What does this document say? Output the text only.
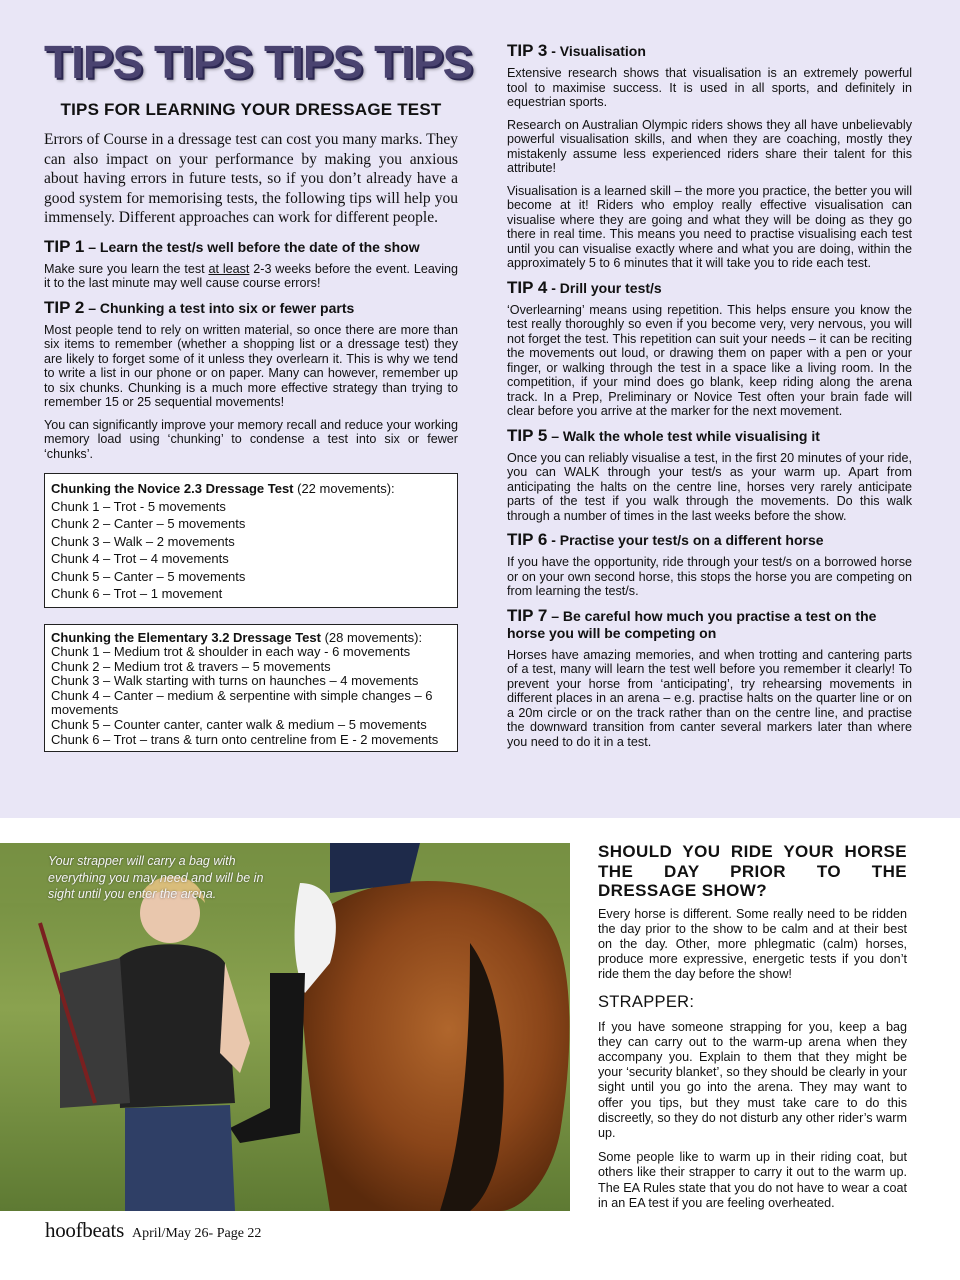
TIPS TIPS TIPS TIPS
TIPS FOR LEARNING YOUR DRESSAGE TEST

Errors of Course in a dressage test can cost you many marks. They can also impact on your performance by making you anxious about having errors in future tests, so if you don’t already have a good system for memorising tests, the following tips will help you immensely. Different approaches can work for different people.

TIP 1 – Learn the test/s well before the date of the show

Make sure you learn the test at least 2-3 weeks before the event. Leaving it to the last minute may well cause course errors!

TIP 2 – Chunking a test into six or fewer parts

Most people tend to rely on written material, so once there are more than six items to remember (whether a shopping list or a dressage test) they are likely to forget some of it unless they overlearn it. This is why we tend to write a list in our phone or on paper. Many can however, remember up to six chunks. Chunking is a much more effective strategy than trying to remember 15 or 25 sequential movements!

You can significantly improve your memory recall and reduce your working memory load using ‘chunking’ to condense a test into six or fewer ‘chunks’.

Chunking the Novice 2.3 Dressage Test (22 movements):
Chunk 1 – Trot - 5 movements
Chunk 2 – Canter – 5 movements
Chunk 3 – Walk – 2 movements
Chunk 4 – Trot – 4 movements
Chunk 5 – Canter – 5 movements
Chunk 6 – Trot – 1 movement
Chunking the Elementary 3.2 Dressage Test (28 movements):
Chunk 1 – Medium trot & shoulder in each way - 6 movements
Chunk 2 – Medium trot & travers – 5 movements
Chunk 3 – Walk starting with turns on haunches – 4 movements
Chunk 4 – Canter – medium & serpentine with simple changes – 6 movements
Chunk 5 – Counter canter, canter walk & medium – 5 movements
Chunk 6 – Trot – trans & turn onto centreline from E - 2 movements
TIP 3 - Visualisation

Extensive research shows that visualisation is an extremely powerful tool to maximise success. It is used in all sports, and definitely in equestrian sports.

Research on Australian Olympic riders shows they all have unbelievably powerful visualisation skills, and when they are coaching, mostly they mistakenly assume less experienced riders share their talent for this attribute!

Visualisation is a learned skill – the more you practice, the better you will become at it! Riders who employ really effective visualisation can visualise where they are going and what they will be doing as they go there in real time. This means you need to practise visualising each test until you can visualise exactly where and what you are doing, within the approximately 5 to 6 minutes that it will take you to ride each test.

TIP 4 - Drill your test/s

‘Overlearning’ means using repetition. This helps ensure you know the test really thoroughly so even if you become very, very nervous, you will not forget the test. This repetition can suit your needs – it can be reciting the movements out loud, or drawing them on paper with a pen or your finger, or walking through the test in a space like a living room. In the competition, if your mind does go blank, keep riding along the arena track. In a Prep, Preliminary or Novice Test often your brain fade will clear before you arrive at the marker for the next movement.

TIP 5 – Walk the whole test while visualising it

Once you can reliably visualise a test, in the first 20 minutes of your ride, you can WALK through your test/s as your warm up. Apart from anticipating the halts on the centre line, horses very rarely anticipate parts of the test if you walk through the movements. Do this walk through a number of times in the last weeks before the show.

TIP 6 - Practise your test/s on a different horse

If you have the opportunity, ride through your test/s on a borrowed horse or on your own second horse, this stops the horse you are competing on from learning the test/s.

TIP 7 – Be careful how much you practise a test on the horse you will be competing on

Horses have amazing memories, and when trotting and cantering parts of a test, many will learn the test well before you remember it clearly! To prevent your horse from ‘anticipating’, try rehearsing movements in different places in an arena – e.g. practise halts on the quarter line or on a 20m circle or on the track rather than on the centre line, and practise the downward transition from canter several markers later than where you need to do it in a test.

Your strapper will carry a bag with everything you may need and will be in sight until you enter the arena.
SHOULD YOU RIDE YOUR HORSE THE DAY PRIOR TO THE DRESSAGE SHOW?

Every horse is different. Some really need to be ridden the day prior to the show to be calm and at their best on the day. Other, more phlegmatic (calm) horses, produce more expressive, energetic tests if you don’t ride them the day before the show!

STRAPPER:

If you have someone strapping for you, keep a bag they can carry out to the warm-up arena when they accompany you. Explain to them that they might be your ‘security blanket’, so they should be clearly in your sight until you go into the arena. They may want to offer you tips, but they must take care to do this discreetly, so they do not disturb any other rider’s warm up.

Some people like to warm up in their riding coat, but others like their strapper to carry it out to the warm up. The EA Rules state that you do not have to wear a coat in an EA test if you are feeling overheated.

hoofbeats April/May 26- Page 22
